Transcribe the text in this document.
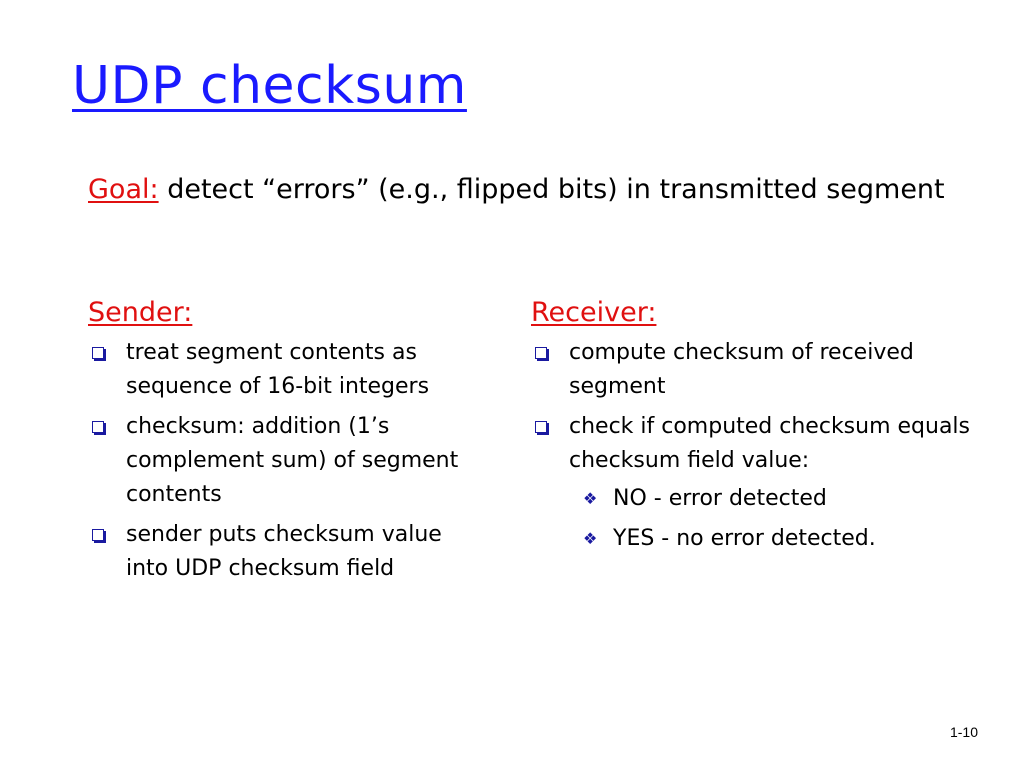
UDP checksum
Goal: detect “errors” (e.g., flipped bits) in transmitted segment
Sender:
treat segment contents as sequence of 16-bit integers
checksum: addition (1’s complement sum) of segment contents
sender puts checksum value into UDP checksum field
Receiver:
compute checksum of received segment
check if computed checksum equals checksum field value:
❖ NO - error detected
❖ YES - no error detected.
1-10
